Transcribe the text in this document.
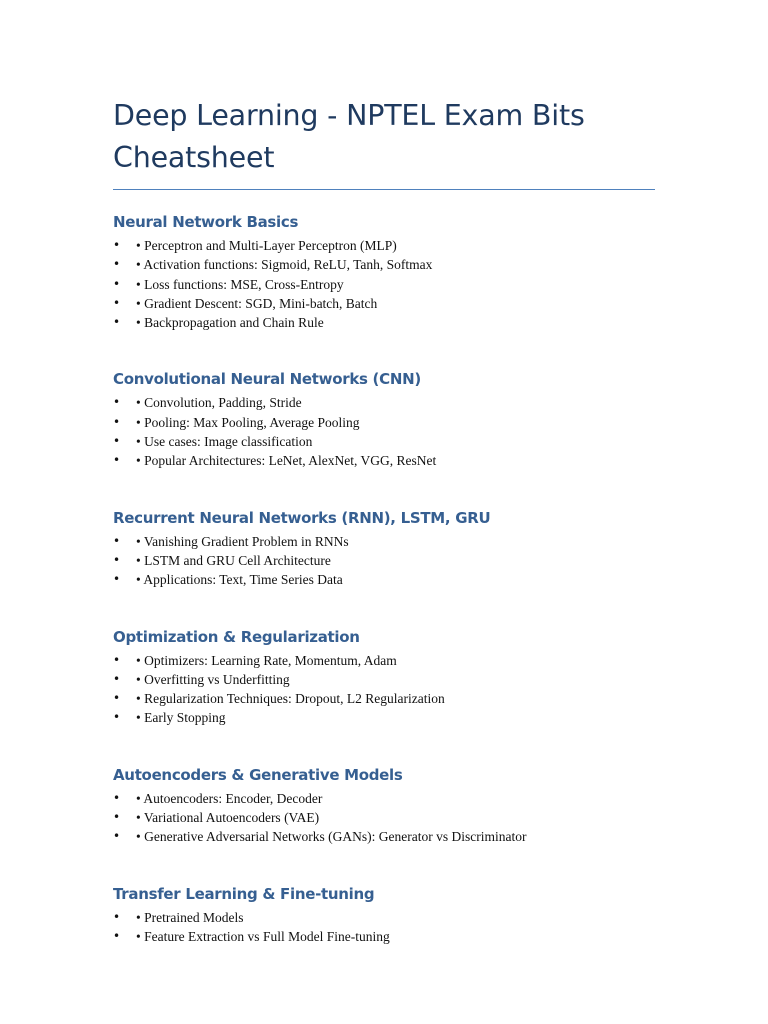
Deep Learning - NPTEL Exam Bits Cheatsheet
Neural Network Basics
• • Perceptron and Multi-Layer Perceptron (MLP)
• • Activation functions: Sigmoid, ReLU, Tanh, Softmax
• • Loss functions: MSE, Cross-Entropy
• • Gradient Descent: SGD, Mini-batch, Batch
• • Backpropagation and Chain Rule
Convolutional Neural Networks (CNN)
• • Convolution, Padding, Stride
• • Pooling: Max Pooling, Average Pooling
• • Use cases: Image classification
• • Popular Architectures: LeNet, AlexNet, VGG, ResNet
Recurrent Neural Networks (RNN), LSTM, GRU
• • Vanishing Gradient Problem in RNNs
• • LSTM and GRU Cell Architecture
• • Applications: Text, Time Series Data
Optimization & Regularization
• • Optimizers: Learning Rate, Momentum, Adam
• • Overfitting vs Underfitting
• • Regularization Techniques: Dropout, L2 Regularization
• • Early Stopping
Autoencoders & Generative Models
• • Autoencoders: Encoder, Decoder
• • Variational Autoencoders (VAE)
• • Generative Adversarial Networks (GANs): Generator vs Discriminator
Transfer Learning & Fine-tuning
• • Pretrained Models
• • Feature Extraction vs Full Model Fine-tuning
